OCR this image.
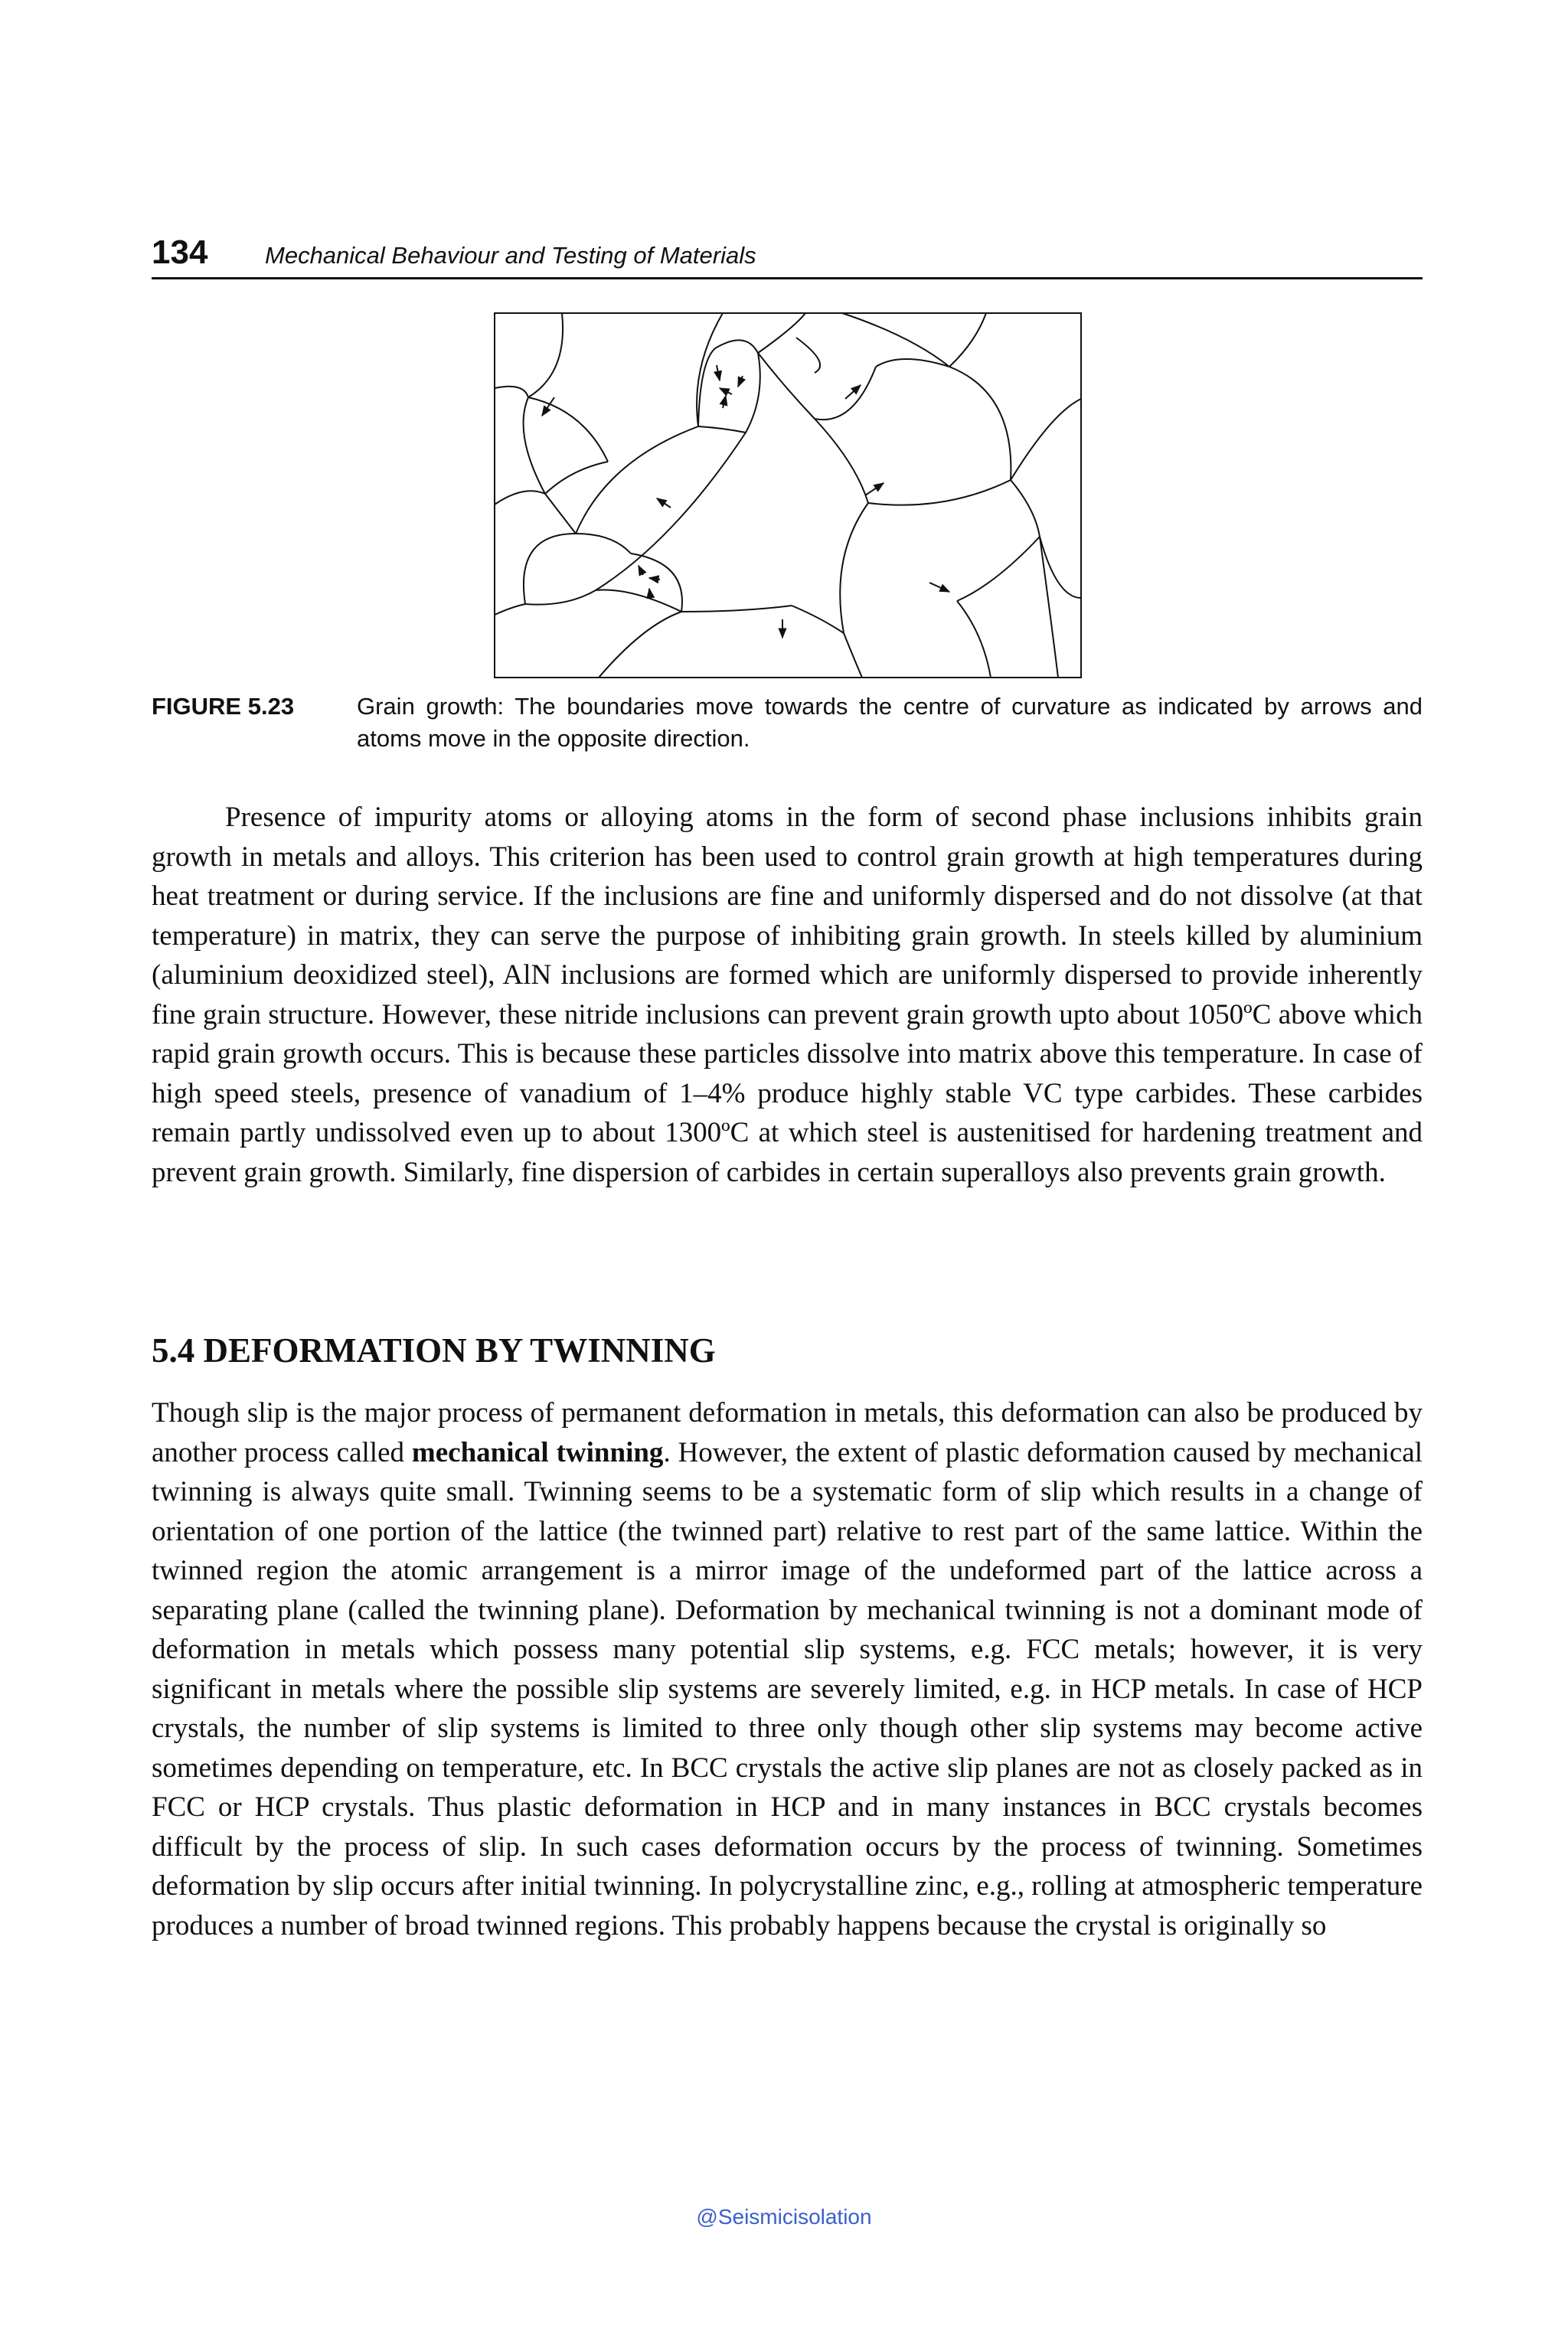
134 Mechanical Behaviour and Testing of Materials
FIGURE 5.23	Grain growth: The boundaries move towards the centre of curvature as indicated by arrows and atoms move in the opposite direction.

Presence of impurity atoms or alloying atoms in the form of second phase inclusions inhibits grain growth in metals and alloys. This criterion has been used to control grain growth at high temperatures during heat treatment or during service. If the inclusions are fine and uniformly dispersed and do not dissolve (at that temperature) in matrix, they can serve the purpose of inhibiting grain growth. In steels killed by aluminium (aluminium deoxidized steel), AlN inclusions are formed which are uniformly dispersed to provide inherently fine grain structure. However, these nitride inclusions can prevent grain growth upto about 1050ºC above which rapid grain growth occurs. This is because these particles dissolve into matrix above this temperature. In case of high speed steels, presence of vanadium of 1–4% produce highly stable VC type carbides. These carbides remain partly undissolved even up to about 1300ºC at which steel is austenitised for hardening treatment and prevent grain growth. Similarly, fine dispersion of carbides in certain superalloys also prevents grain growth.

5.4 DEFORMATION BY TWINNING

Though slip is the major process of permanent deformation in metals, this deformation can also be produced by another process called mechanical twinning. However, the extent of plastic deformation caused by mechanical twinning is always quite small. Twinning seems to be a systematic form of slip which results in a change of orientation of one portion of the lattice (the twinned part) relative to rest part of the same lattice. Within the twinned region the atomic arrangement is a mirror image of the undeformed part of the lattice across a separating plane (called the twinning plane). Deformation by mechanical twinning is not a dominant mode of deformation in metals which possess many potential slip systems, e.g. FCC metals; however, it is very significant in metals where the possible slip systems are severely limited, e.g. in HCP metals. In case of HCP crystals, the number of slip systems is limited to three only though other slip systems may become active sometimes depending on temperature, etc. In BCC crystals the active slip planes are not as closely packed as in FCC or HCP crystals. Thus plastic deformation in HCP and in many instances in BCC crystals becomes difficult by the process of slip. In such cases deformation occurs by the process of twinning. Sometimes deformation by slip occurs after initial twinning. In polycrystalline zinc, e.g., rolling at atmospheric temperature produces a number of broad twinned regions. This probably happens because the crystal is originally so

@Seismicisolation
